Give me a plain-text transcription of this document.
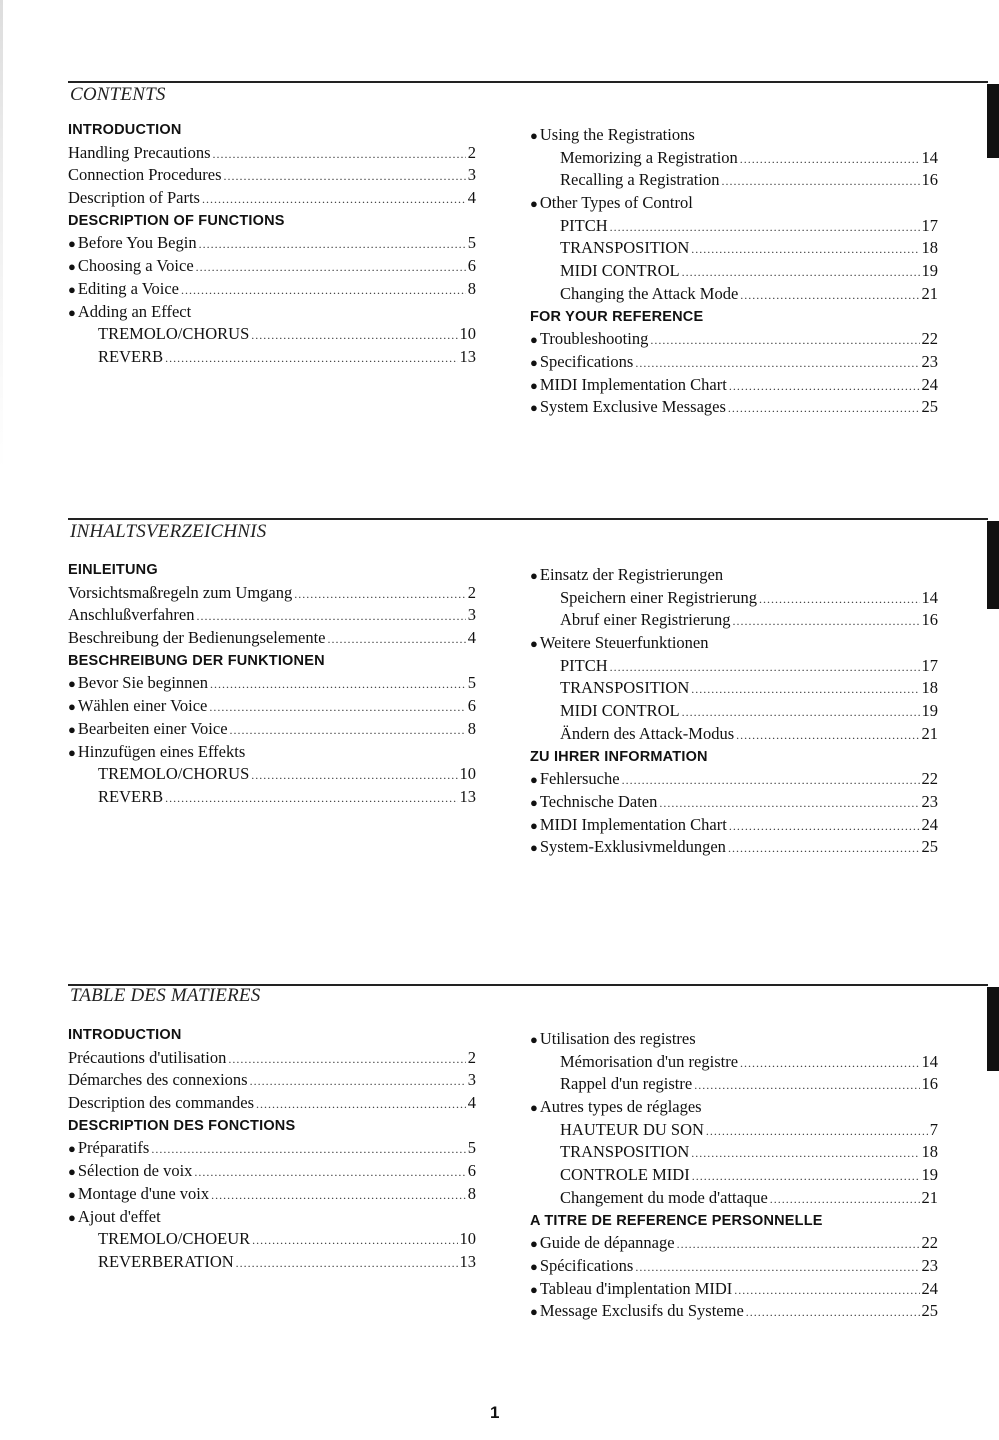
CONTENTS
INTRODUCTION
Handling Precautions .....	2
Connection Procedures .....	3
Description of Parts .....	4
DESCRIPTION OF FUNCTIONS
● Before You Begin .....	5
● Choosing a Voice .....	6
● Editing a Voice .....	8
● Adding an Effect
TREMOLO/CHORUS .....	10
REVERB .....	13
● Using the Registrations
Memorizing a Registration .....	14
Recalling a Registration .....	16
● Other Types of Control
PITCH .....	17
TRANSPOSITION .....	18
MIDI CONTROL .....	19
Changing the Attack Mode .....	21
FOR YOUR REFERENCE
● Troubleshooting .....	22
● Specifications .....	23
● MIDI Implementation Chart .....	24
● System Exclusive Messages .....	25
INHALTSVERZEICHNIS
EINLEITUNG
Vorsichtsmaßregeln zum Umgang .....	2
Anschlußverfahren .....	3
Beschreibung der Bedienungselemente .....	4
BESCHREIBUNG DER FUNKTIONEN
● Bevor Sie beginnen .....	5
● Wählen einer Voice .....	6
● Bearbeiten einer Voice .....	8
● Hinzufügen eines Effekts
TREMOLO/CHORUS .....	10
REVERB .....	13
● Einsatz der Registrierungen
Speichern einer Registrierung .....	14
Abruf einer Registrierung .....	16
● Weitere Steuerfunktionen
PITCH .....	17
TRANSPOSITION .....	18
MIDI CONTROL .....	19
Ändern des Attack-Modus .....	21
ZU IHRER INFORMATION
● Fehlersuche .....	22
● Technische Daten .....	23
● MIDI Implementation Chart .....	24
● System-Exklusivmeldungen .....	25
TABLE DES MATIERES
INTRODUCTION
Précautions d'utilisation .....	2
Démarches des connexions .....	3
Description des commandes .....	4
DESCRIPTION DES FONCTIONS
● Préparatifs .....	5
● Sélection de voix .....	6
● Montage d'une voix .....	8
● Ajout d'effet
TREMOLO/CHOEUR .....	10
REVERBERATION .....	13
● Utilisation des registres
Mémorisation d'un registre .....	14
Rappel d'un registre .....	16
● Autres types de réglages
HAUTEUR DU SON .....	7
TRANSPOSITION .....	18
CONTROLE MIDI .....	19
Changement du mode d'attaque .....	21
A TITRE DE REFERENCE PERSONNELLE
● Guide de dépannage .....	22
● Spécifications .....	23
● Tableau d'implentation MIDI .....	24
● Message Exclusifs du Systeme .....	25
1
